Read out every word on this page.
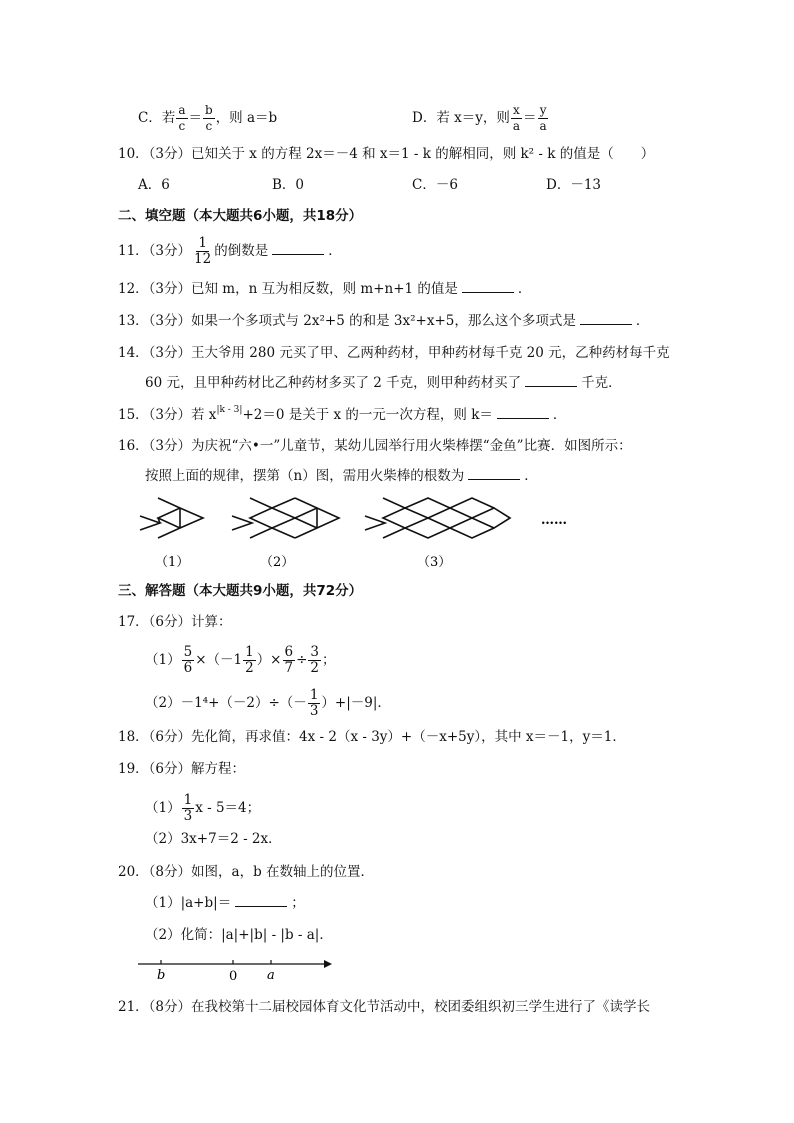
C．若 $\frac{a}{c} = \frac{b}{c}$ ，则 a＝b	D．若 x＝y，则 $\frac{x}{a} = \frac{y}{a}$
10．（3分）已知关于 x 的方程 2x＝－4 和 x＝1 - k 的解相同，则 k² - k 的值是（　　）
A．6	B．0	C．－6	D．－13
二、填空题（本大题共6小题，共18分）
11．（3分） $\frac{1}{12}$ 的倒数是	．
12．（3分）已知 m，n 互为相反数，则 m+n+1 的值是	．
13．（3分）如果一个多项式与 2x²+5 的和是 3x²+x+5，那么这个多项式是	．
14．（3分）王大爷用 280 元买了甲、乙两种药材，甲种药材每千克 20 元，乙种药材每千克
60 元，且甲种药材比乙种药材多买了 2 千克，则甲种药材买了	千克．
15．（3分）若 $x^{|k - 3|}+2=0$ 是关于 x 的一元一次方程，则 k＝	．
16．（3分）为庆祝“六•一”儿童节，某幼儿园举行用火柴棒摆“金鱼”比赛．如图所示：
按照上面的规律，摆第（n）图，需用火柴棒的根数为	．
……
（1）	（2）	（3）
三、解答题（本大题共9小题，共72分）
17．（6分）计算：
$(1) \frac{5}{6} \times(-1 \frac{1}{2}$ ）× $\frac{6}{7} \div \frac{3}{2}$ ；
$(2)-1^4+(-2)\div(- \frac{1}{3} )+|-9|$．
18．（6分）先化简，再求值：4x - 2（x - 3y）+（－x+5y），其中 x＝－1，y＝1．
19．（6分）解方程：
$(1) \frac{1}{3}$ x - 5＝4；
（2）3x+7＝2 - 2x．
20．（8分）如图，a，b 在数轴上的位置．
（1）|a+b|＝	；
（2）化简：|a|+|b| - |b - a|．
b	0 a
21．（8分）在我校第十二届校园体育文化节活动中，校团委组织初三学生进行了《读学长
